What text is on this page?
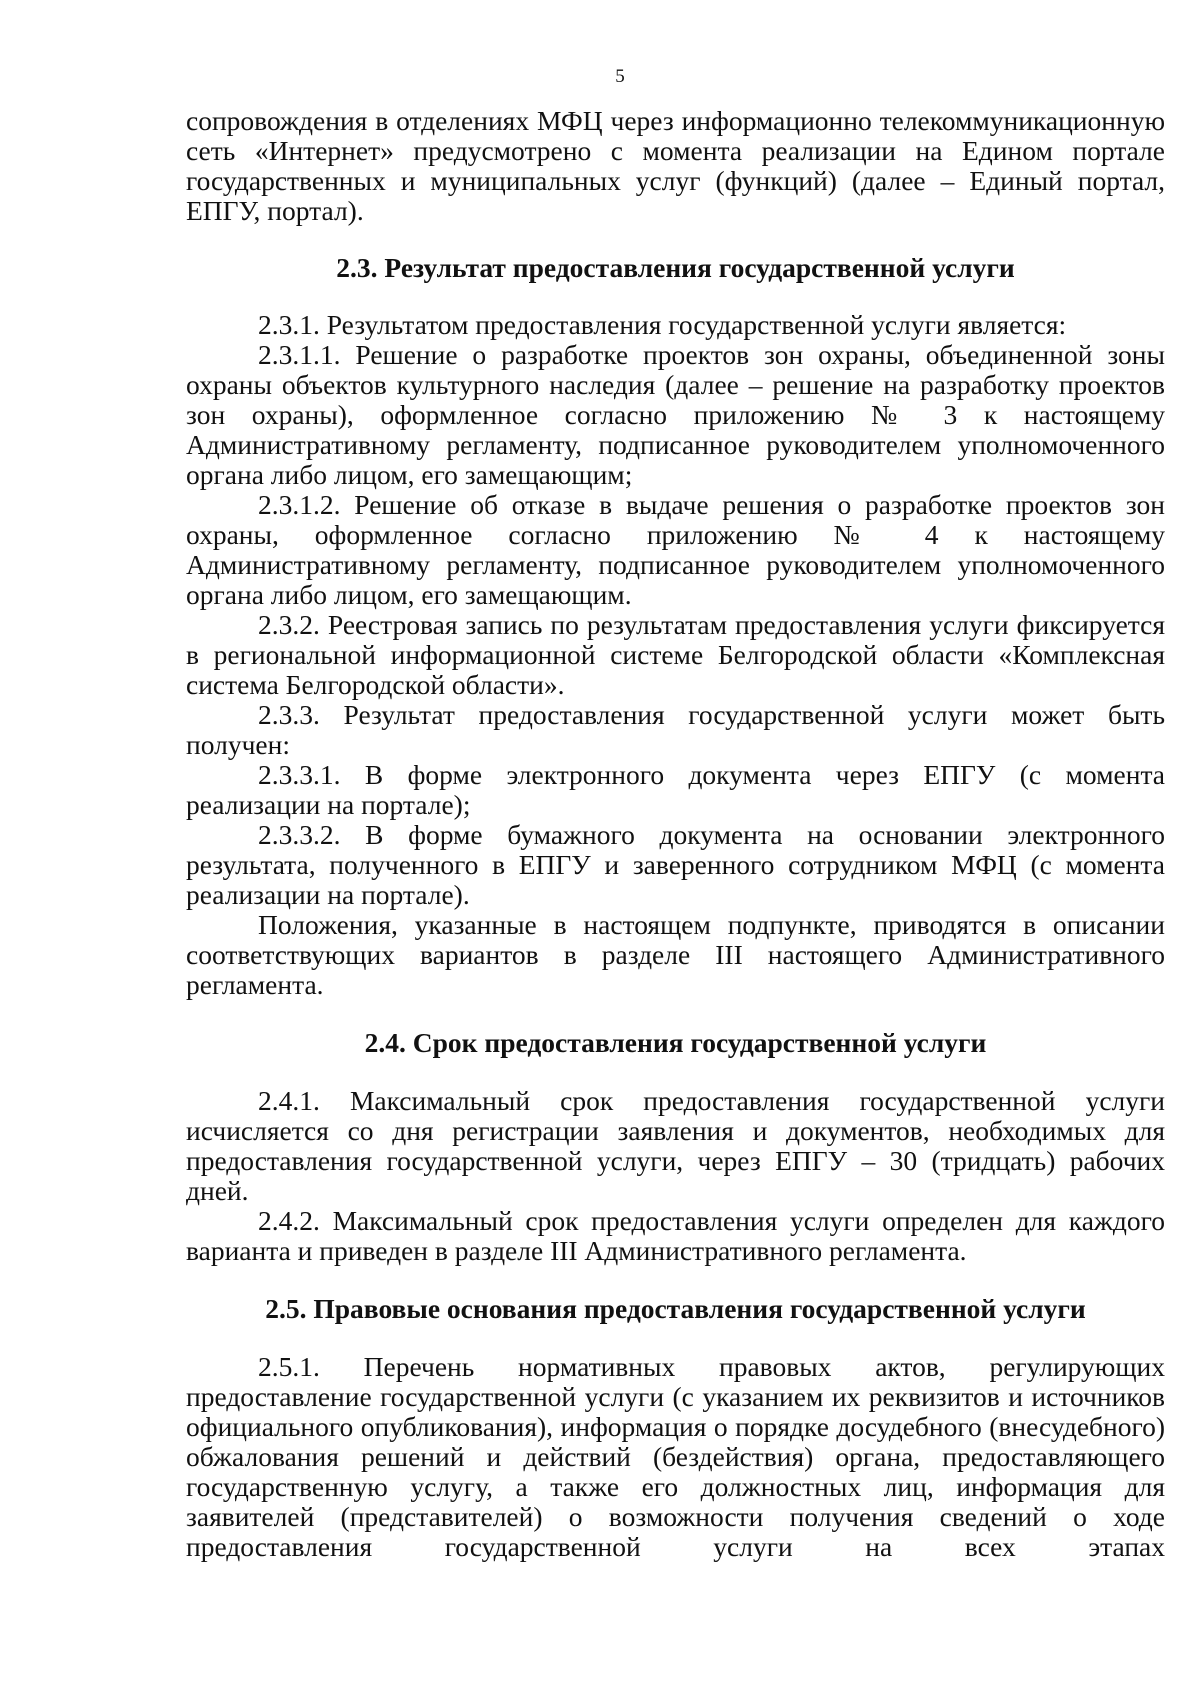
5

сопровождения в отделениях МФЦ через информационно телекоммуникационную сеть «Интернет» предусмотрено с момента реализации на Едином портале государственных и муниципальных услуг (функций) (далее – Единый портал, ЕПГУ, портал).

2.3. Результат предоставления государственной услуги

2.3.1. Результатом предоставления государственной услуги является:

2.3.1.1. Решение о разработке проектов зон охраны, объединенной зоны охраны объектов культурного наследия (далее – решение на разработку проектов зон охраны), оформленное согласно приложению № 3 к настоящему Административному регламенту, подписанное руководителем уполномоченного органа либо лицом, его замещающим;

2.3.1.2. Решение об отказе в выдаче решения о разработке проектов зон охраны, оформленное согласно приложению № 4 к настоящему Административному регламенту, подписанное руководителем уполномоченного органа либо лицом, его замещающим.

2.3.2. Реестровая запись по результатам предоставления услуги фиксируется в региональной информационной системе Белгородской области «Комплексная система Белгородской области».

2.3.3. Результат предоставления государственной услуги может быть получен:

2.3.3.1. В форме электронного документа через ЕПГУ (с момента реализации на портале);

2.3.3.2. В форме бумажного документа на основании электронного результата, полученного в ЕПГУ и заверенного сотрудником МФЦ (с момента реализации на портале).

Положения, указанные в настоящем подпункте, приводятся в описании соответствующих вариантов в разделе III настоящего Административного регламента.

2.4. Срок предоставления государственной услуги

2.4.1. Максимальный срок предоставления государственной услуги исчисляется со дня регистрации заявления и документов, необходимых для предоставления государственной услуги, через ЕПГУ – 30 (тридцать) рабочих дней.

2.4.2. Максимальный срок предоставления услуги определен для каждого варианта и приведен в разделе III Административного регламента.

2.5. Правовые основания предоставления государственной услуги

2.5.1. Перечень нормативных правовых актов, регулирующих предоставление государственной услуги (с указанием их реквизитов и источников официального опубликования), информация о порядке досудебного (внесудебного) обжалования решений и действий (бездействия) органа, предоставляющего государственную услугу, а также его должностных лиц, информация для заявителей (представителей) о возможности получения сведений о ходе предоставления государственной услуги на всех этапах
